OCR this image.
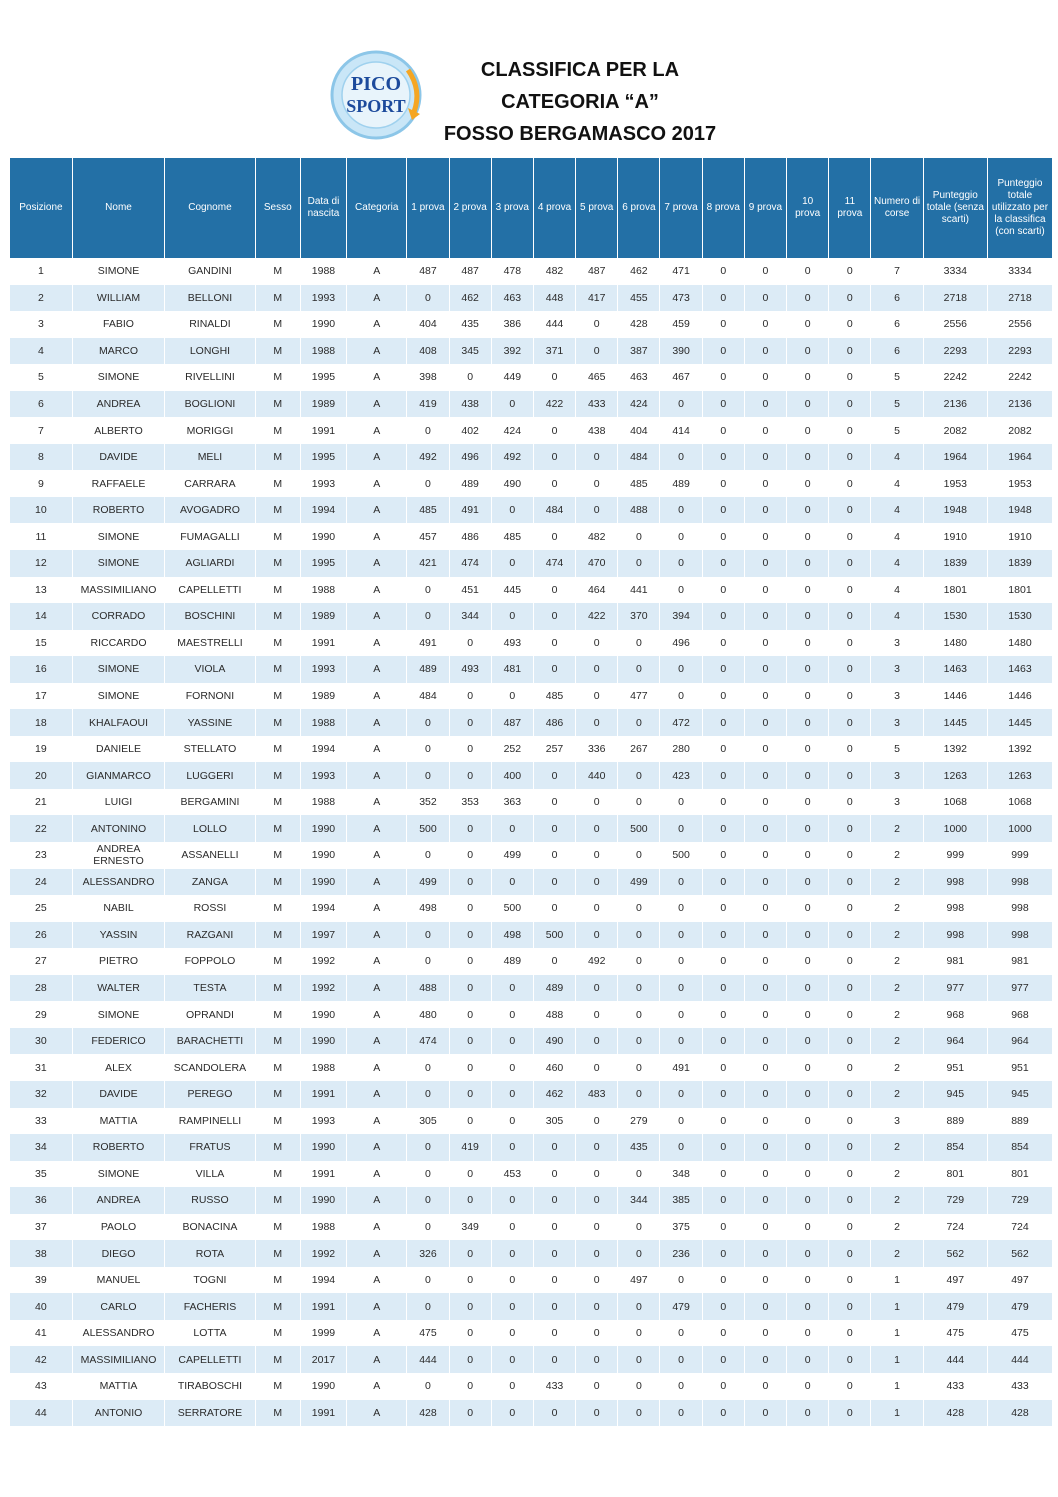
PICO
SPORT
CLASSIFICA PER LA
CATEGORIA “A”
FOSSO BERGAMASCO 2017
Posizione	Nome	Cognome	Sesso	Data di nascita	Categoria	1 prova	2 prova	3 prova	4 prova	5 prova	6 prova	7 prova	8 prova	9 prova	10 prova	11 prova	Numero di corse	Punteggio totale (senza scarti)	Punteggio totale utilizzato per la classifica (con scarti)
1	SIMONE	GANDINI	M	1988	A	487	487	478	482	487	462	471	0	0	0	0	7	3334	3334
2	WILLIAM	BELLONI	M	1993	A	0	462	463	448	417	455	473	0	0	0	0	6	2718	2718
3	FABIO	RINALDI	M	1990	A	404	435	386	444	0	428	459	0	0	0	0	6	2556	2556
4	MARCO	LONGHI	M	1988	A	408	345	392	371	0	387	390	0	0	0	0	6	2293	2293
5	SIMONE	RIVELLINI	M	1995	A	398	0	449	0	465	463	467	0	0	0	0	5	2242	2242
6	ANDREA	BOGLIONI	M	1989	A	419	438	0	422	433	424	0	0	0	0	0	5	2136	2136
7	ALBERTO	MORIGGI	M	1991	A	0	402	424	0	438	404	414	0	0	0	0	5	2082	2082
8	DAVIDE	MELI	M	1995	A	492	496	492	0	0	484	0	0	0	0	0	4	1964	1964
9	RAFFAELE	CARRARA	M	1993	A	0	489	490	0	0	485	489	0	0	0	0	4	1953	1953
10	ROBERTO	AVOGADRO	M	1994	A	485	491	0	484	0	488	0	0	0	0	0	4	1948	1948
11	SIMONE	FUMAGALLI	M	1990	A	457	486	485	0	482	0	0	0	0	0	0	4	1910	1910
12	SIMONE	AGLIARDI	M	1995	A	421	474	0	474	470	0	0	0	0	0	0	4	1839	1839
13	MASSIMILIANO	CAPELLETTI	M	1988	A	0	451	445	0	464	441	0	0	0	0	0	4	1801	1801
14	CORRADO	BOSCHINI	M	1989	A	0	344	0	0	422	370	394	0	0	0	0	4	1530	1530
15	RICCARDO	MAESTRELLI	M	1991	A	491	0	493	0	0	0	496	0	0	0	0	3	1480	1480
16	SIMONE	VIOLA	M	1993	A	489	493	481	0	0	0	0	0	0	0	0	3	1463	1463
17	SIMONE	FORNONI	M	1989	A	484	0	0	485	0	477	0	0	0	0	0	3	1446	1446
18	KHALFAOUI	YASSINE	M	1988	A	0	0	487	486	0	0	472	0	0	0	0	3	1445	1445
19	DANIELE	STELLATO	M	1994	A	0	0	252	257	336	267	280	0	0	0	0	5	1392	1392
20	GIANMARCO	LUGGERI	M	1993	A	0	0	400	0	440	0	423	0	0	0	0	3	1263	1263
21	LUIGI	BERGAMINI	M	1988	A	352	353	363	0	0	0	0	0	0	0	0	3	1068	1068
22	ANTONINO	LOLLO	M	1990	A	500	0	0	0	0	500	0	0	0	0	0	2	1000	1000
23	ANDREA ERNESTO	ASSANELLI	M	1990	A	0	0	499	0	0	0	500	0	0	0	0	2	999	999
24	ALESSANDRO	ZANGA	M	1990	A	499	0	0	0	0	499	0	0	0	0	0	2	998	998
25	NABIL	ROSSI	M	1994	A	498	0	500	0	0	0	0	0	0	0	0	2	998	998
26	YASSIN	RAZGANI	M	1997	A	0	0	498	500	0	0	0	0	0	0	0	2	998	998
27	PIETRO	FOPPOLO	M	1992	A	0	0	489	0	492	0	0	0	0	0	0	2	981	981
28	WALTER	TESTA	M	1992	A	488	0	0	489	0	0	0	0	0	0	0	2	977	977
29	SIMONE	OPRANDI	M	1990	A	480	0	0	488	0	0	0	0	0	0	0	2	968	968
30	FEDERICO	BARACHETTI	M	1990	A	474	0	0	490	0	0	0	0	0	0	0	2	964	964
31	ALEX	SCANDOLERA	M	1988	A	0	0	0	460	0	0	491	0	0	0	0	2	951	951
32	DAVIDE	PEREGO	M	1991	A	0	0	0	462	483	0	0	0	0	0	0	2	945	945
33	MATTIA	RAMPINELLI	M	1993	A	305	0	0	305	0	279	0	0	0	0	0	3	889	889
34	ROBERTO	FRATUS	M	1990	A	0	419	0	0	0	435	0	0	0	0	0	2	854	854
35	SIMONE	VILLA	M	1991	A	0	0	453	0	0	0	348	0	0	0	0	2	801	801
36	ANDREA	RUSSO	M	1990	A	0	0	0	0	0	344	385	0	0	0	0	2	729	729
37	PAOLO	BONACINA	M	1988	A	0	349	0	0	0	0	375	0	0	0	0	2	724	724
38	DIEGO	ROTA	M	1992	A	326	0	0	0	0	0	236	0	0	0	0	2	562	562
39	MANUEL	TOGNI	M	1994	A	0	0	0	0	0	497	0	0	0	0	0	1	497	497
40	CARLO	FACHERIS	M	1991	A	0	0	0	0	0	0	479	0	0	0	0	1	479	479
41	ALESSANDRO	LOTTA	M	1999	A	475	0	0	0	0	0	0	0	0	0	0	1	475	475
42	MASSIMILIANO	CAPELLETTI	M	2017	A	444	0	0	0	0	0	0	0	0	0	0	1	444	444
43	MATTIA	TIRABOSCHI	M	1990	A	0	0	0	433	0	0	0	0	0	0	0	1	433	433
44	ANTONIO	SERRATORE	M	1991	A	428	0	0	0	0	0	0	0	0	0	0	1	428	428
